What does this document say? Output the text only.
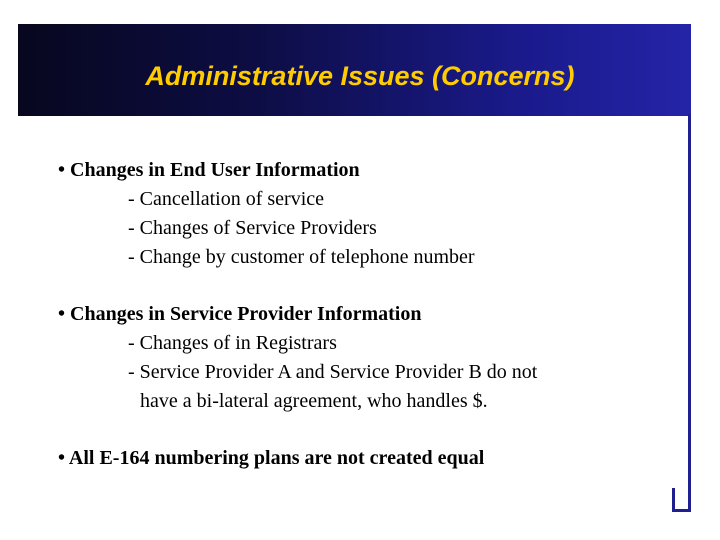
Administrative Issues (Concerns)

• Changes in End User Information

- Cancellation of service

- Changes of Service Providers

- Change by customer of telephone number

• Changes in Service Provider Information

- Changes of in Registrars

- Service Provider A and Service Provider B do not

have a bi-lateral agreement, who handles $.

• All E-164 numbering plans are not created equal
